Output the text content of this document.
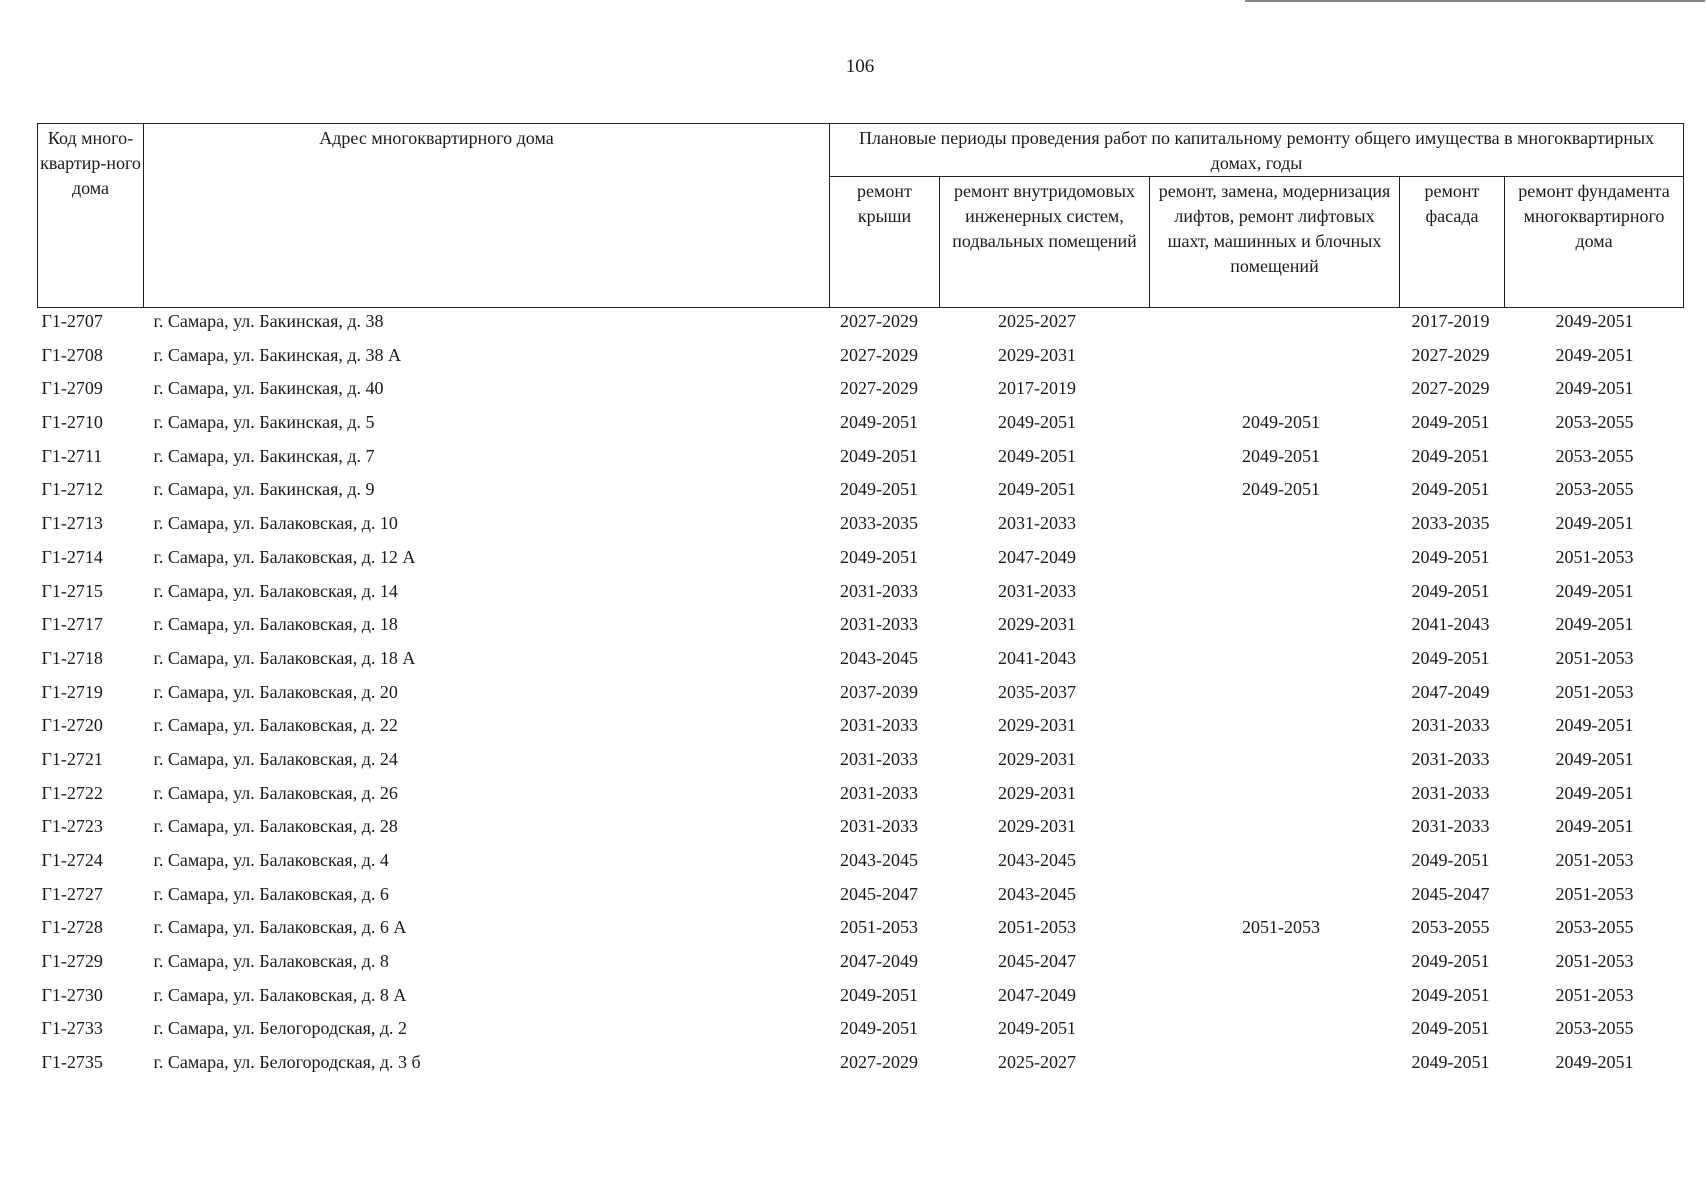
106
Код много-квартир-ного дома	Адрес многоквартирного дома	Плановые периоды проведения работ по капитальному ремонту общего имущества в многоквартирных домах, годы				
		ремонт крыши	ремонт внутридомовых инженерных систем, подвальных помещений	ремонт, замена, модернизация лифтов, ремонт лифтовых шахт, машинных и блочных помещений	ремонт фасада	ремонт фундамента многоквартирного дома
Г1-2707	г. Самара, ул. Бакинская, д. 38	2027-2029	2025-2027		2017-2019	2049-2051
Г1-2708	г. Самара, ул. Бакинская, д. 38 А	2027-2029	2029-2031		2027-2029	2049-2051
Г1-2709	г. Самара, ул. Бакинская, д. 40	2027-2029	2017-2019		2027-2029	2049-2051
Г1-2710	г. Самара, ул. Бакинская, д. 5	2049-2051	2049-2051	2049-2051	2049-2051	2053-2055
Г1-2711	г. Самара, ул. Бакинская, д. 7	2049-2051	2049-2051	2049-2051	2049-2051	2053-2055
Г1-2712	г. Самара, ул. Бакинская, д. 9	2049-2051	2049-2051	2049-2051	2049-2051	2053-2055
Г1-2713	г. Самара, ул. Балаковская, д. 10	2033-2035	2031-2033		2033-2035	2049-2051
Г1-2714	г. Самара, ул. Балаковская, д. 12 А	2049-2051	2047-2049		2049-2051	2051-2053
Г1-2715	г. Самара, ул. Балаковская, д. 14	2031-2033	2031-2033		2049-2051	2049-2051
Г1-2717	г. Самара, ул. Балаковская, д. 18	2031-2033	2029-2031		2041-2043	2049-2051
Г1-2718	г. Самара, ул. Балаковская, д. 18 А	2043-2045	2041-2043		2049-2051	2051-2053
Г1-2719	г. Самара, ул. Балаковская, д. 20	2037-2039	2035-2037		2047-2049	2051-2053
Г1-2720	г. Самара, ул. Балаковская, д. 22	2031-2033	2029-2031		2031-2033	2049-2051
Г1-2721	г. Самара, ул. Балаковская, д. 24	2031-2033	2029-2031		2031-2033	2049-2051
Г1-2722	г. Самара, ул. Балаковская, д. 26	2031-2033	2029-2031		2031-2033	2049-2051
Г1-2723	г. Самара, ул. Балаковская, д. 28	2031-2033	2029-2031		2031-2033	2049-2051
Г1-2724	г. Самара, ул. Балаковская, д. 4	2043-2045	2043-2045		2049-2051	2051-2053
Г1-2727	г. Самара, ул. Балаковская, д. 6	2045-2047	2043-2045		2045-2047	2051-2053
Г1-2728	г. Самара, ул. Балаковская, д. 6 А	2051-2053	2051-2053	2051-2053	2053-2055	2053-2055
Г1-2729	г. Самара, ул. Балаковская, д. 8	2047-2049	2045-2047		2049-2051	2051-2053
Г1-2730	г. Самара, ул. Балаковская, д. 8 А	2049-2051	2047-2049		2049-2051	2051-2053
Г1-2733	г. Самара, ул. Белогородская, д. 2	2049-2051	2049-2051		2049-2051	2053-2055
Г1-2735	г. Самара, ул. Белогородская, д. 3 б	2027-2029	2025-2027		2049-2051	2049-2051
